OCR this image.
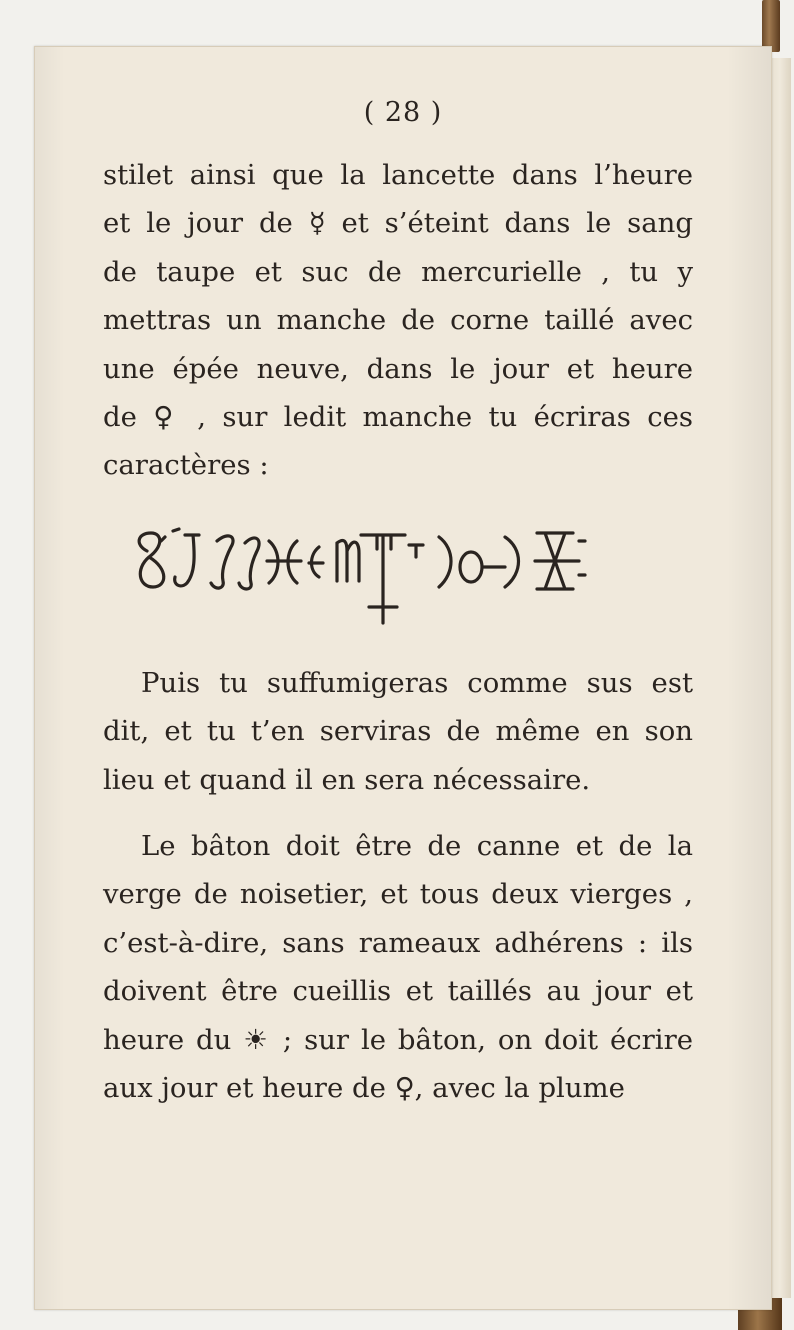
( 28 )

stilet ainsi que la lancette dans l’heure
et le jour de ☿ et s’éteint dans le sang
de taupe et suc de mercurielle , tu y
mettras un manche de corne taillé avec
une épée neuve, dans le jour et heure
de ♀ , sur ledit manche tu écriras ces
caractères :

Puis tu suffumigeras comme sus est
dit, et tu t’en serviras de même en son
lieu et quand il en sera nécessaire.

Le bâton doit être de canne et de la
verge de noisetier, et tous deux vierges ,
c’est-à-dire, sans rameaux adhérens : ils
doivent être cueillis et taillés au jour et
heure du ☀ ; sur le bâton, on doit écrire
aux jour et heure de ♀, avec la plume
